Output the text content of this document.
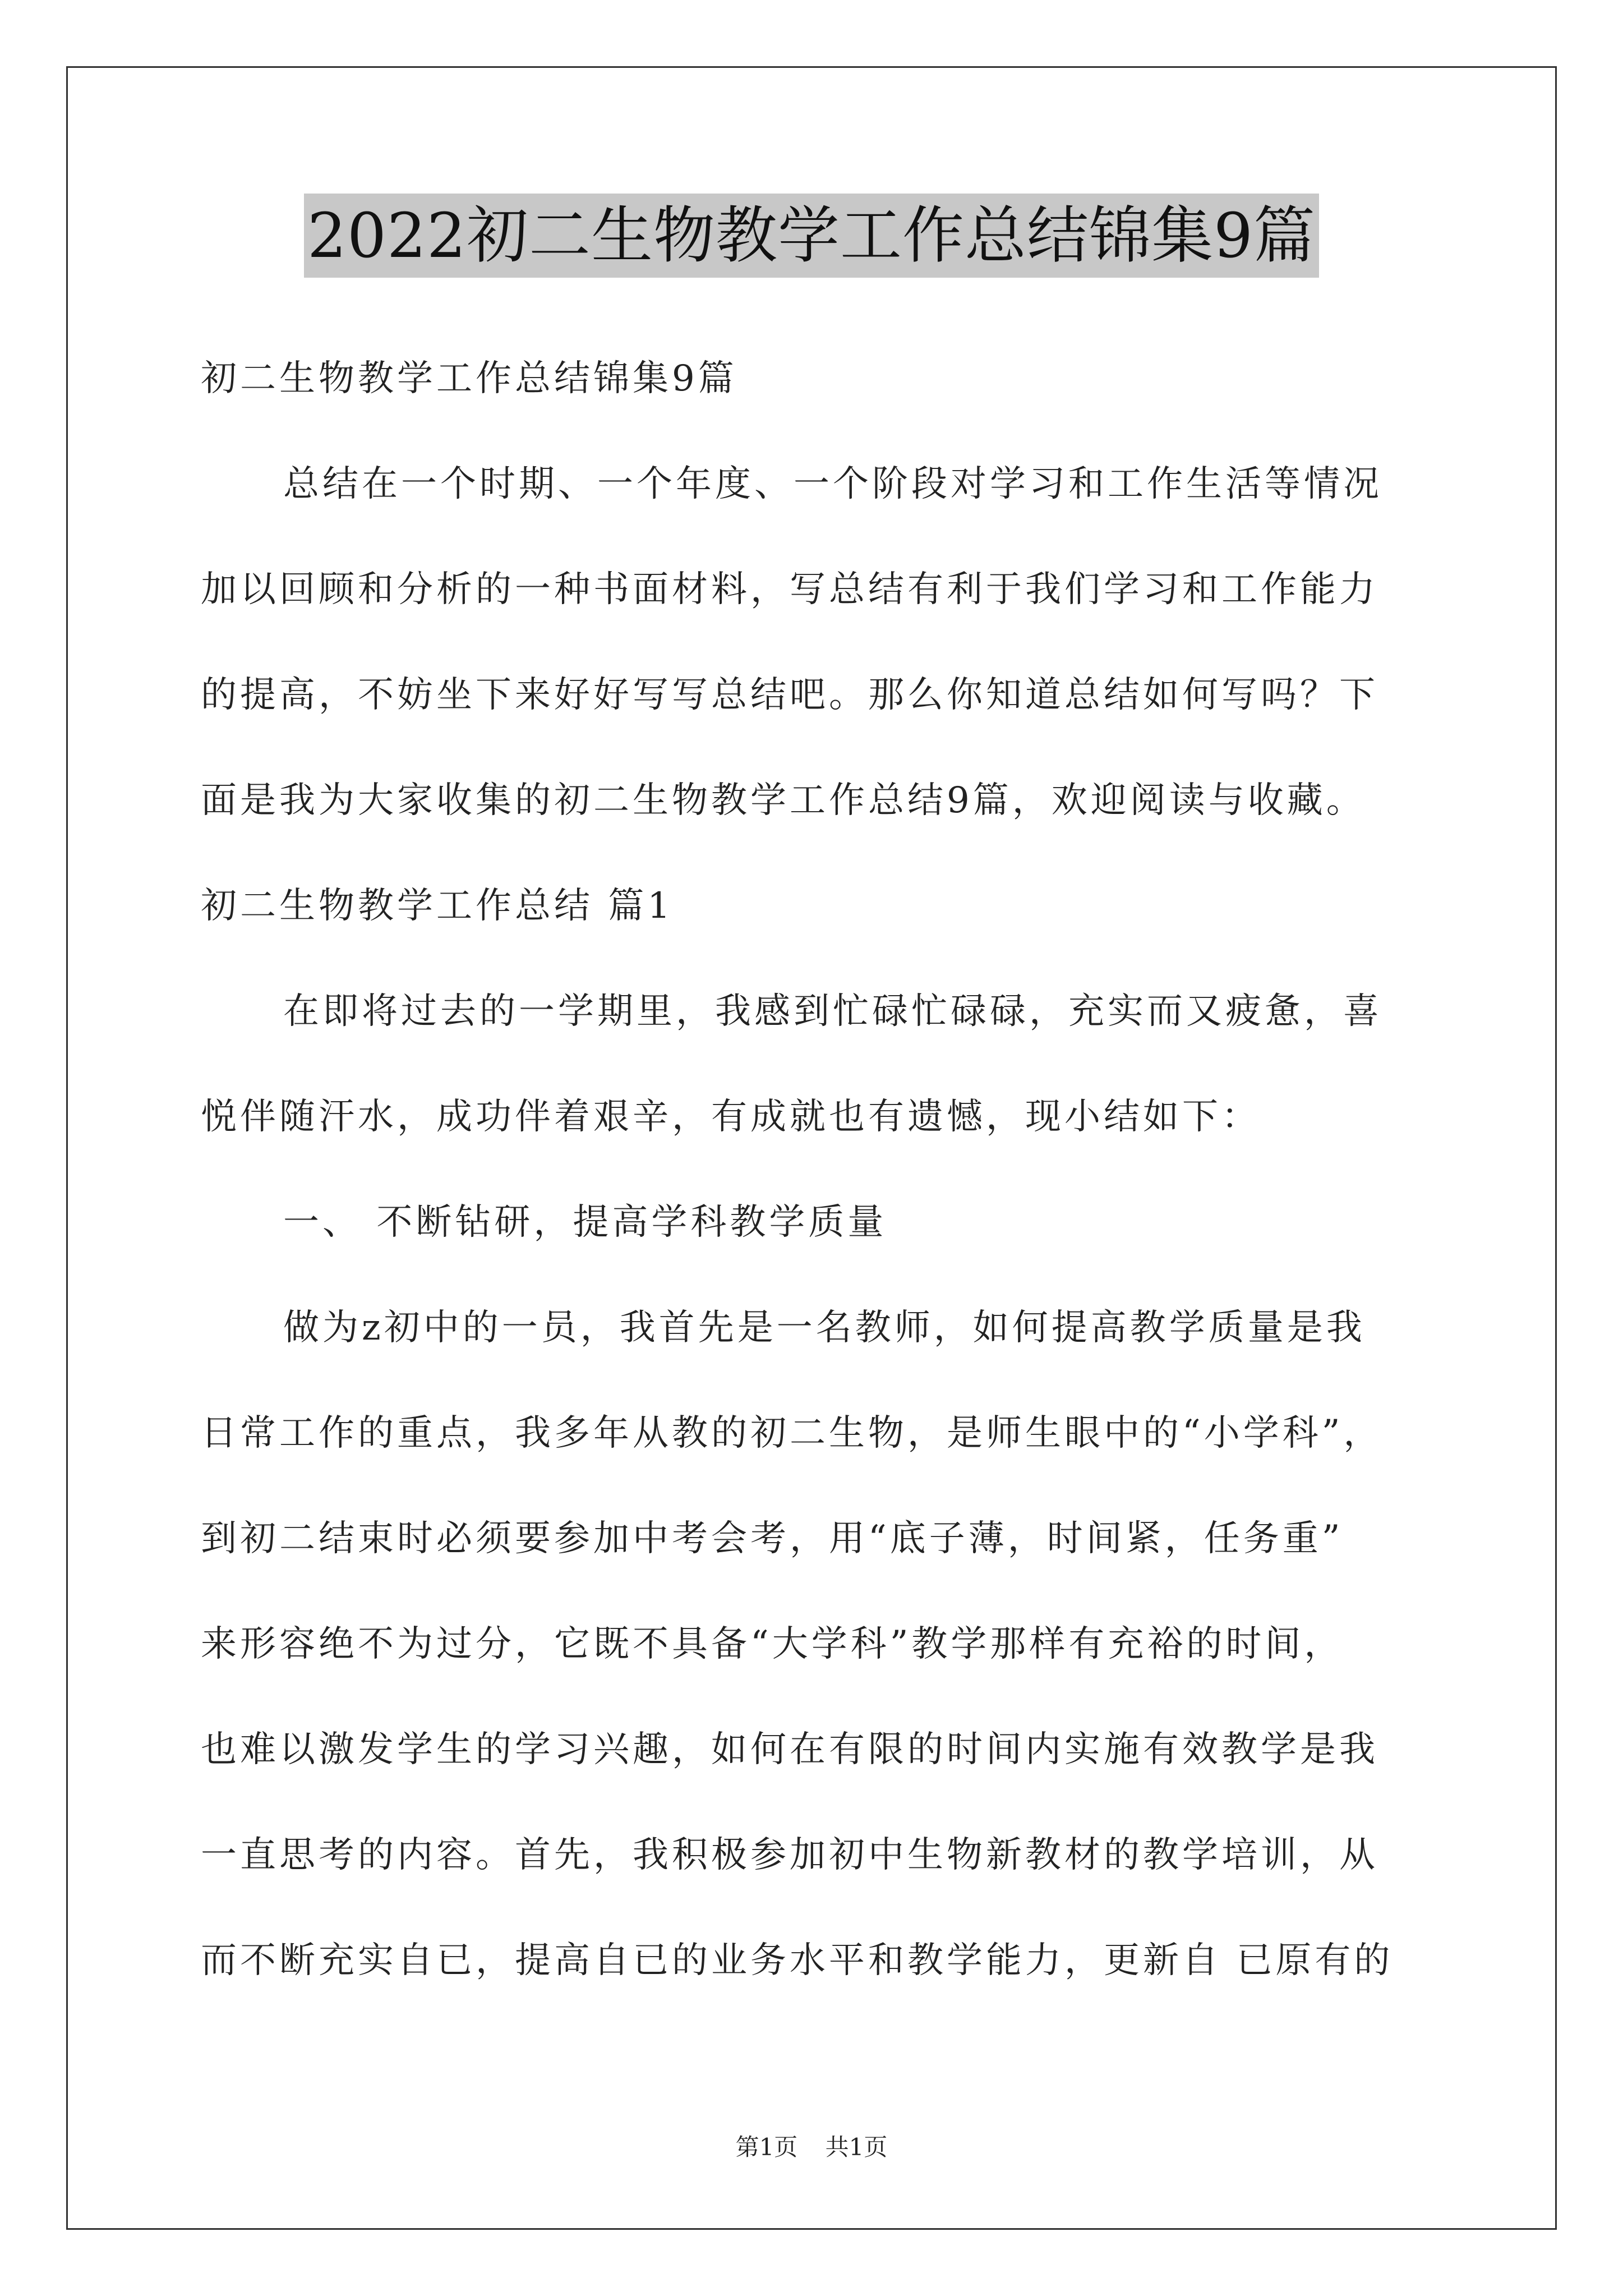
2022初二生物教学工作总结锦集9篇
初二生物教学工作总结锦集9篇
总结在一个时期、一个年度、一个阶段对学习和工作生活等情况
加以回顾和分析的一种书面材料，写总结有利于我们学习和工作能力
的提高，不妨坐下来好好写写总结吧。那么你知道总结如何写吗？下
面是我为大家收集的初二生物教学工作总结9篇，欢迎阅读与收藏。
初二生物教学工作总结 篇1
在即将过去的一学期里，我感到忙碌忙碌碌，充实而又疲惫，喜
悦伴随汗水，成功伴着艰辛，有成就也有遗憾，现小结如下：
一、 不断钻研，提高学科教学质量
做为z初中的一员，我首先是一名教师，如何提高教学质量是我
日常工作的重点，我多年从教的初二生物，是师生眼中的“小学科”，
到初二结束时必须要参加中考会考，用“底子薄，时间紧，任务重”
来形容绝不为过分，它既不具备“大学科”教学那样有充裕的时间，
也难以激发学生的学习兴趣，如何在有限的时间内实施有效教学是我
一直思考的内容。首先，我积极参加初中生物新教材的教学培训，从
而不断充实自已，提高自已的业务水平和教学能力，更新自 已原有的
第1页 共1页
